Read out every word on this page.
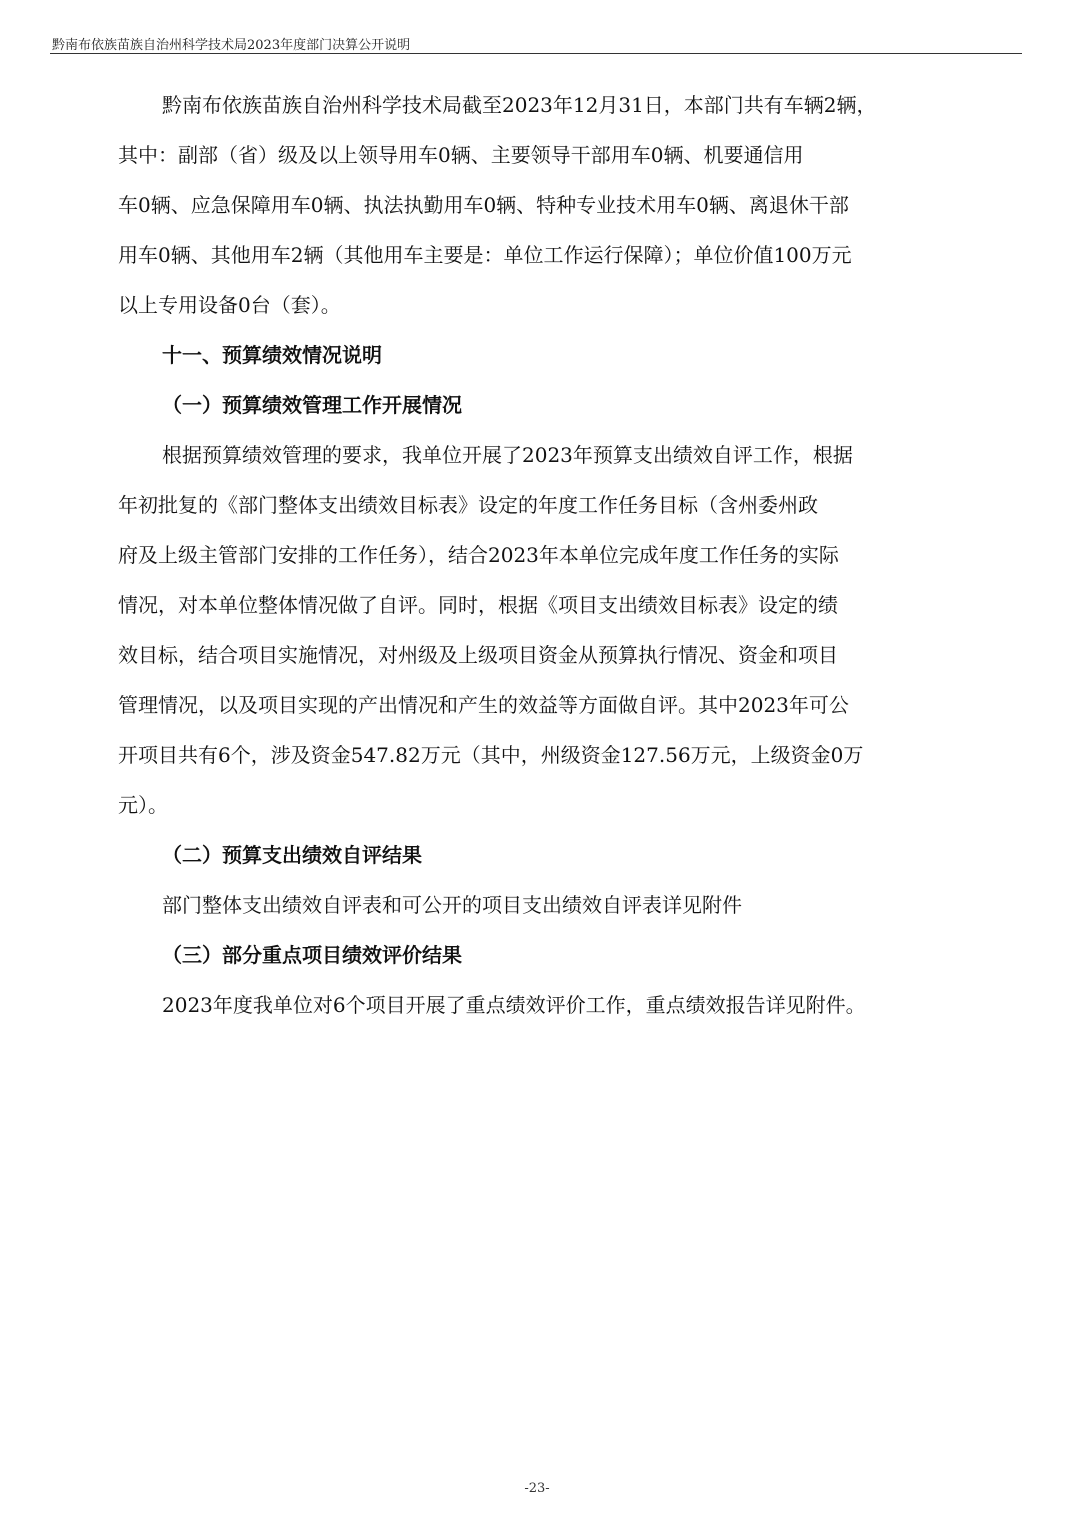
黔南布依族苗族自治州科学技术局2023年度部门决算公开说明
黔南布依族苗族自治州科学技术局截至2023年12月31日，本部门共有车辆2辆，
其中：副部（省）级及以上领导用车0辆、主要领导干部用车0辆、机要通信用
车0辆、应急保障用车0辆、执法执勤用车0辆、特种专业技术用车0辆、离退休干部
用车0辆、其他用车2辆（其他用车主要是：单位工作运行保障）；单位价值100万元
以上专用设备0台（套）。
十一、预算绩效情况说明
（一）预算绩效管理工作开展情况
根据预算绩效管理的要求，我单位开展了2023年预算支出绩效自评工作，根据
年初批复的《部门整体支出绩效目标表》设定的年度工作任务目标（含州委州政
府及上级主管部门安排的工作任务），结合2023年本单位完成年度工作任务的实际
情况，对本单位整体情况做了自评。同时，根据《项目支出绩效目标表》设定的绩
效目标，结合项目实施情况，对州级及上级项目资金从预算执行情况、资金和项目
管理情况，以及项目实现的产出情况和产生的效益等方面做自评。其中2023年可公
开项目共有6个，涉及资金547.82万元（其中，州级资金127.56万元，上级资金0万
元）。
（二）预算支出绩效自评结果
部门整体支出绩效自评表和可公开的项目支出绩效自评表详见附件
（三）部分重点项目绩效评价结果
2023年度我单位对6个项目开展了重点绩效评价工作，重点绩效报告详见附件。
-23-
